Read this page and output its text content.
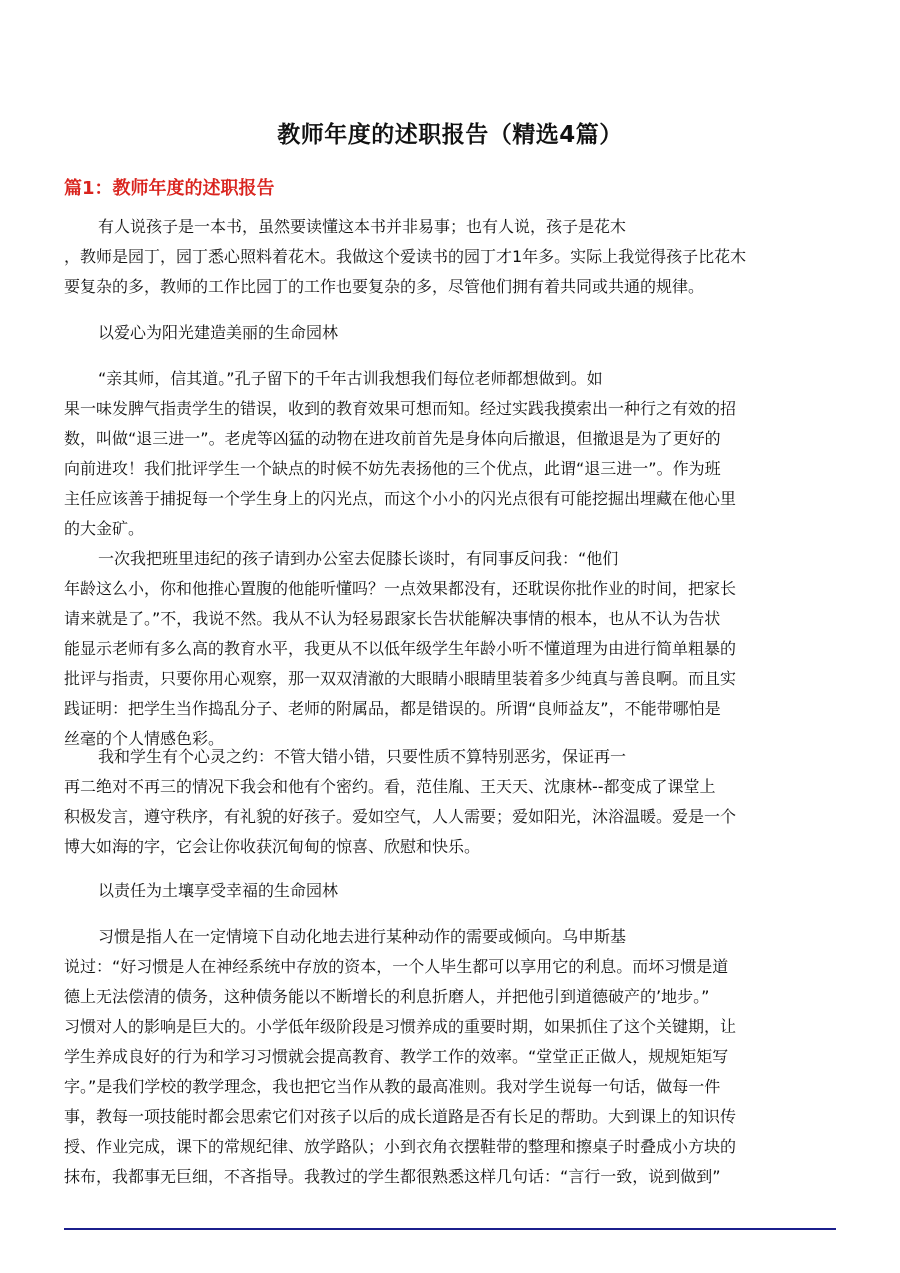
教师年度的述职报告（精选4篇）
篇1：教师年度的述职报告
有人说孩子是一本书，虽然要读懂这本书并非易事；也有人说，孩子是花木
，教师是园丁，园丁悉心照料着花木。我做这个爱读书的园丁才1年多。实际上我觉得孩子比花木
要复杂的多，教师的工作比园丁的工作也要复杂的多，尽管他们拥有着共同或共通的规律。
以爱心为阳光建造美丽的生命园林
“亲其师，信其道。”孔子留下的千年古训我想我们每位老师都想做到。如
果一味发脾气指责学生的错误，收到的教育效果可想而知。经过实践我摸索出一种行之有效的招
数，叫做“退三进一”。老虎等凶猛的动物在进攻前首先是身体向后撤退，但撤退是为了更好的
向前进攻！我们批评学生一个缺点的时候不妨先表扬他的三个优点，此谓“退三进一”。作为班
主任应该善于捕捉每一个学生身上的闪光点，而这个小小的闪光点很有可能挖掘出埋藏在他心里
的大金矿。
一次我把班里违纪的孩子请到办公室去促膝长谈时，有同事反问我：“他们
年龄这么小，你和他推心置腹的他能听懂吗？一点效果都没有，还耽误你批作业的时间，把家长
请来就是了。”不，我说不然。我从不认为轻易跟家长告状能解决事情的根本，也从不认为告状
能显示老师有多么高的教育水平，我更从不以低年级学生年龄小听不懂道理为由进行简单粗暴的
批评与指责，只要你用心观察，那一双双清澈的大眼睛小眼睛里装着多少纯真与善良啊。而且实
践证明：把学生当作捣乱分子、老师的附属品，都是错误的。所谓“良师益友”，不能带哪怕是
丝毫的个人情感色彩。
我和学生有个心灵之约：不管大错小错，只要性质不算特别恶劣，保证再一
再二绝对不再三的情况下我会和他有个密约。看，范佳胤、王天天、沈康林--都变成了课堂上
积极发言，遵守秩序，有礼貌的好孩子。爱如空气，人人需要；爱如阳光，沐浴温暖。爱是一个
博大如海的字，它会让你收获沉甸甸的惊喜、欣慰和快乐。
以责任为土壤享受幸福的生命园林
习惯是指人在一定情境下自动化地去进行某种动作的需要或倾向。乌申斯基
说过：“好习惯是人在神经系统中存放的资本，一个人毕生都可以享用它的利息。而坏习惯是道
德上无法偿清的债务，这种债务能以不断增长的利息折磨人，并把他引到道德破产的’地步。”
习惯对人的影响是巨大的。小学低年级阶段是习惯养成的重要时期，如果抓住了这个关键期，让
学生养成良好的行为和学习习惯就会提高教育、教学工作的效率。“堂堂正正做人，规规矩矩写
字。”是我们学校的教学理念，我也把它当作从教的最高准则。我对学生说每一句话，做每一件
事，教每一项技能时都会思索它们对孩子以后的成长道路是否有长足的帮助。大到课上的知识传
授、作业完成，课下的常规纪律、放学路队；小到衣角衣摆鞋带的整理和擦桌子时叠成小方块的
抹布，我都事无巨细，不吝指导。我教过的学生都很熟悉这样几句话：“言行一致，说到做到”
